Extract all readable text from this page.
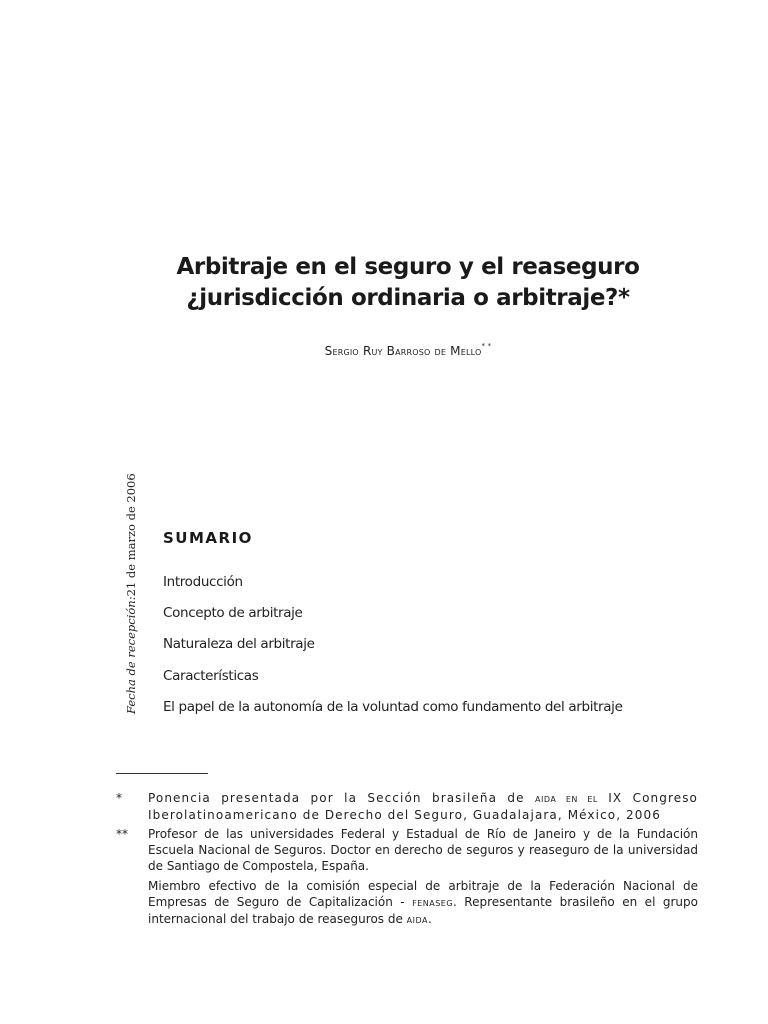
Arbitraje en el seguro y el reaseguro
¿jurisdicción ordinaria o arbitraje?*
Sergio Ruy Barroso de Mello* *
Fecha de recepción:21 de marzo de 2006 SUMARIO
Introducción
Concepto de arbitraje
Naturaleza del arbitraje
Características
El papel de la autonomía de la voluntad como fundamento del arbitraje
* Ponencia presentada por la Sección brasileña de aida en el IX Congreso Iberolatinoamericano de Derecho del Seguro, Guadalajara, México, 2006
** Profesor de las universidades Federal y Estadual de Río de Janeiro y de la Fundación Escuela Nacional de Seguros. Doctor en derecho de seguros y reaseguro de la universidad de Santiago de Compostela, España.
Miembro efectivo de la comisión especial de arbitraje de la Federación Nacional de Empresas de Seguro de Capitalización - fenaseg. Representante brasileño en el grupo internacional del trabajo de reaseguros de aida.
